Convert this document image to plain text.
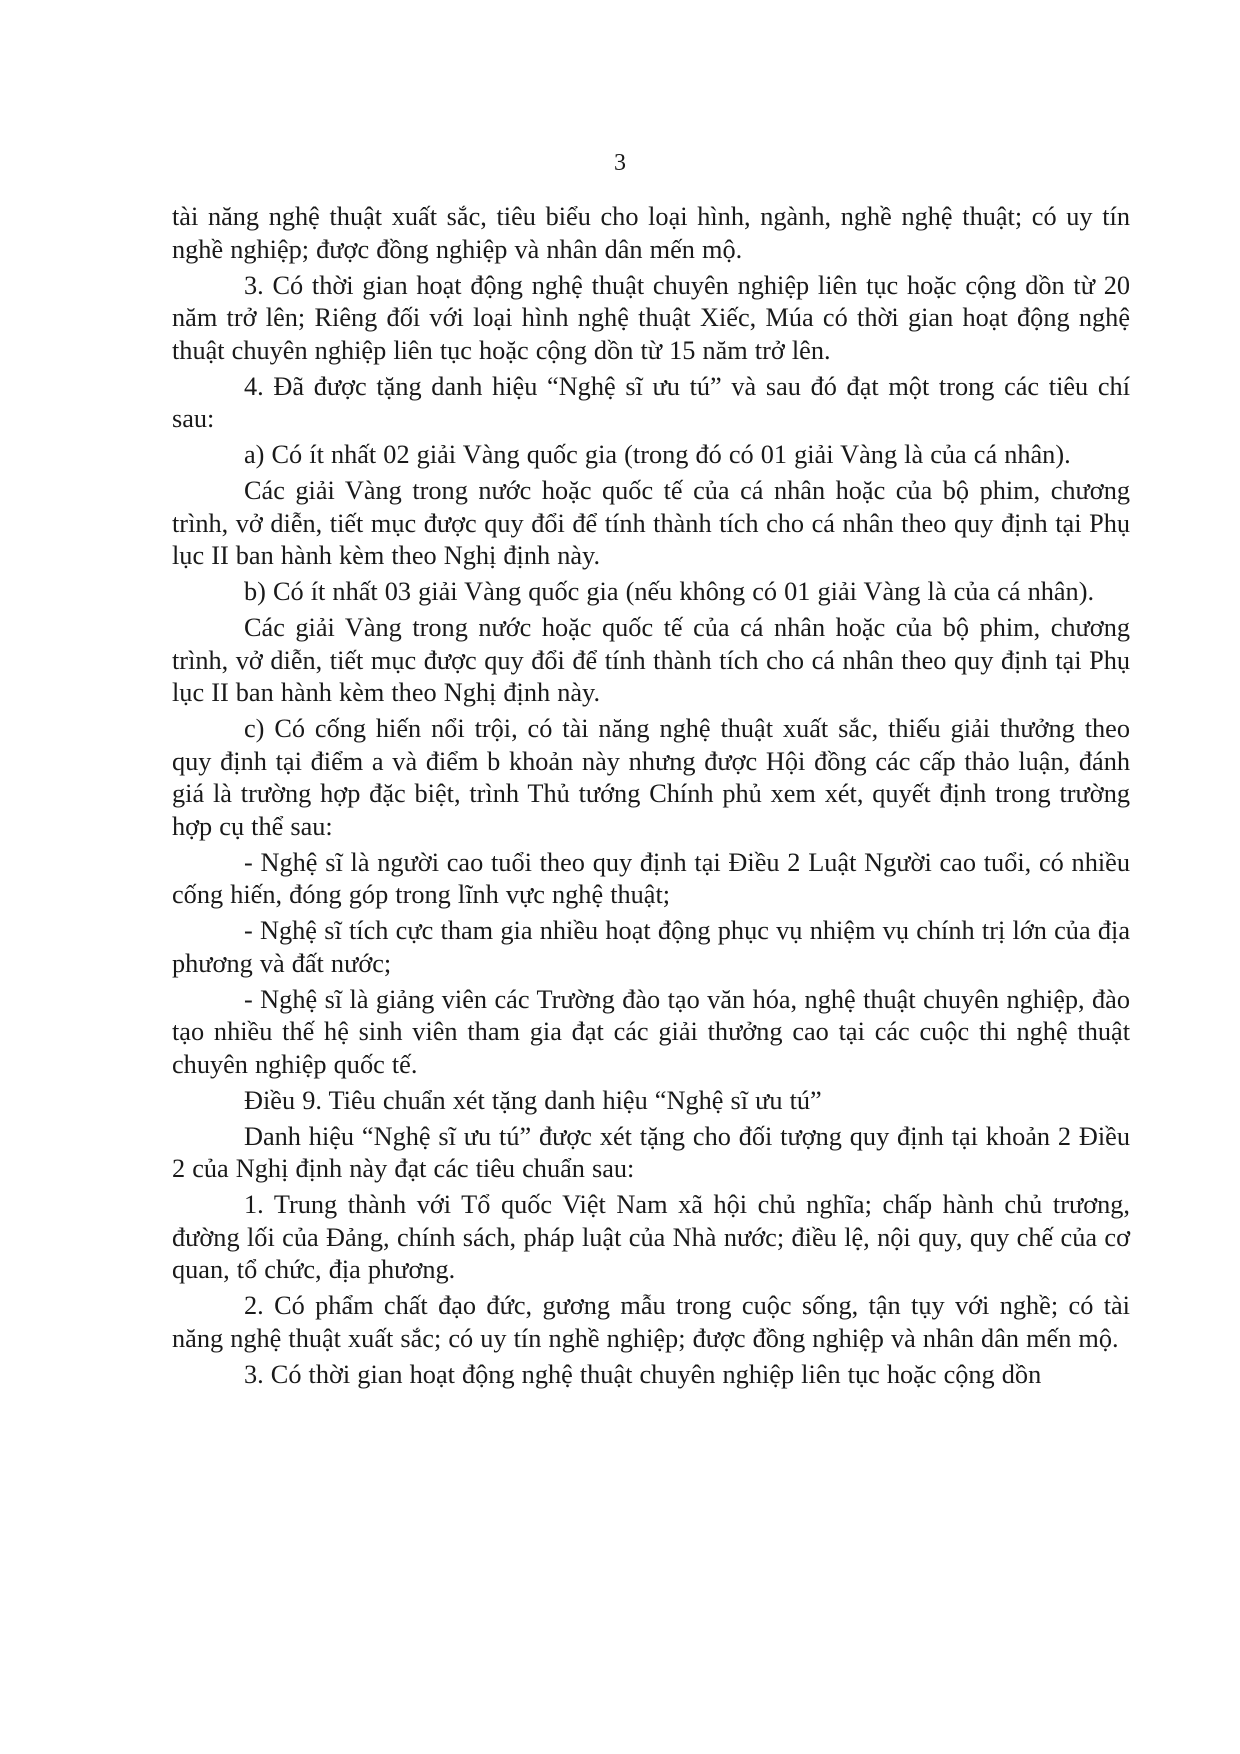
3

tài năng nghệ thuật xuất sắc, tiêu biểu cho loại hình, ngành, nghề nghệ thuật; có uy tín nghề nghiệp; được đồng nghiệp và nhân dân mến mộ.

3. Có thời gian hoạt động nghệ thuật chuyên nghiệp liên tục hoặc cộng dồn từ 20 năm trở lên; Riêng đối với loại hình nghệ thuật Xiếc, Múa có thời gian hoạt động nghệ thuật chuyên nghiệp liên tục hoặc cộng dồn từ 15 năm trở lên.

4. Đã được tặng danh hiệu “Nghệ sĩ ưu tú” và sau đó đạt một trong các tiêu chí sau:

a) Có ít nhất 02 giải Vàng quốc gia (trong đó có 01 giải Vàng là của cá nhân).

Các giải Vàng trong nước hoặc quốc tế của cá nhân hoặc của bộ phim, chương trình, vở diễn, tiết mục được quy đổi để tính thành tích cho cá nhân theo quy định tại Phụ lục II ban hành kèm theo Nghị định này.

b) Có ít nhất 03 giải Vàng quốc gia (nếu không có 01 giải Vàng là của cá nhân).

Các giải Vàng trong nước hoặc quốc tế của cá nhân hoặc của bộ phim, chương trình, vở diễn, tiết mục được quy đổi để tính thành tích cho cá nhân theo quy định tại Phụ lục II ban hành kèm theo Nghị định này.

c) Có cống hiến nổi trội, có tài năng nghệ thuật xuất sắc, thiếu giải thưởng theo quy định tại điểm a và điểm b khoản này nhưng được Hội đồng các cấp thảo luận, đánh giá là trường hợp đặc biệt, trình Thủ tướng Chính phủ xem xét, quyết định trong trường hợp cụ thể sau:

- Nghệ sĩ là người cao tuổi theo quy định tại Điều 2 Luật Người cao tuổi, có nhiều cống hiến, đóng góp trong lĩnh vực nghệ thuật;

- Nghệ sĩ tích cực tham gia nhiều hoạt động phục vụ nhiệm vụ chính trị lớn của địa phương và đất nước;

- Nghệ sĩ là giảng viên các Trường đào tạo văn hóa, nghệ thuật chuyên nghiệp, đào tạo nhiều thế hệ sinh viên tham gia đạt các giải thưởng cao tại các cuộc thi nghệ thuật chuyên nghiệp quốc tế.

Điều 9. Tiêu chuẩn xét tặng danh hiệu “Nghệ sĩ ưu tú”

Danh hiệu “Nghệ sĩ ưu tú” được xét tặng cho đối tượng quy định tại khoản 2 Điều 2 của Nghị định này đạt các tiêu chuẩn sau:

1. Trung thành với Tổ quốc Việt Nam xã hội chủ nghĩa; chấp hành chủ trương, đường lối của Đảng, chính sách, pháp luật của Nhà nước; điều lệ, nội quy, quy chế của cơ quan, tổ chức, địa phương.

2. Có phẩm chất đạo đức, gương mẫu trong cuộc sống, tận tụy với nghề; có tài năng nghệ thuật xuất sắc; có uy tín nghề nghiệp; được đồng nghiệp và nhân dân mến mộ.

3. Có thời gian hoạt động nghệ thuật chuyên nghiệp liên tục hoặc cộng dồn
